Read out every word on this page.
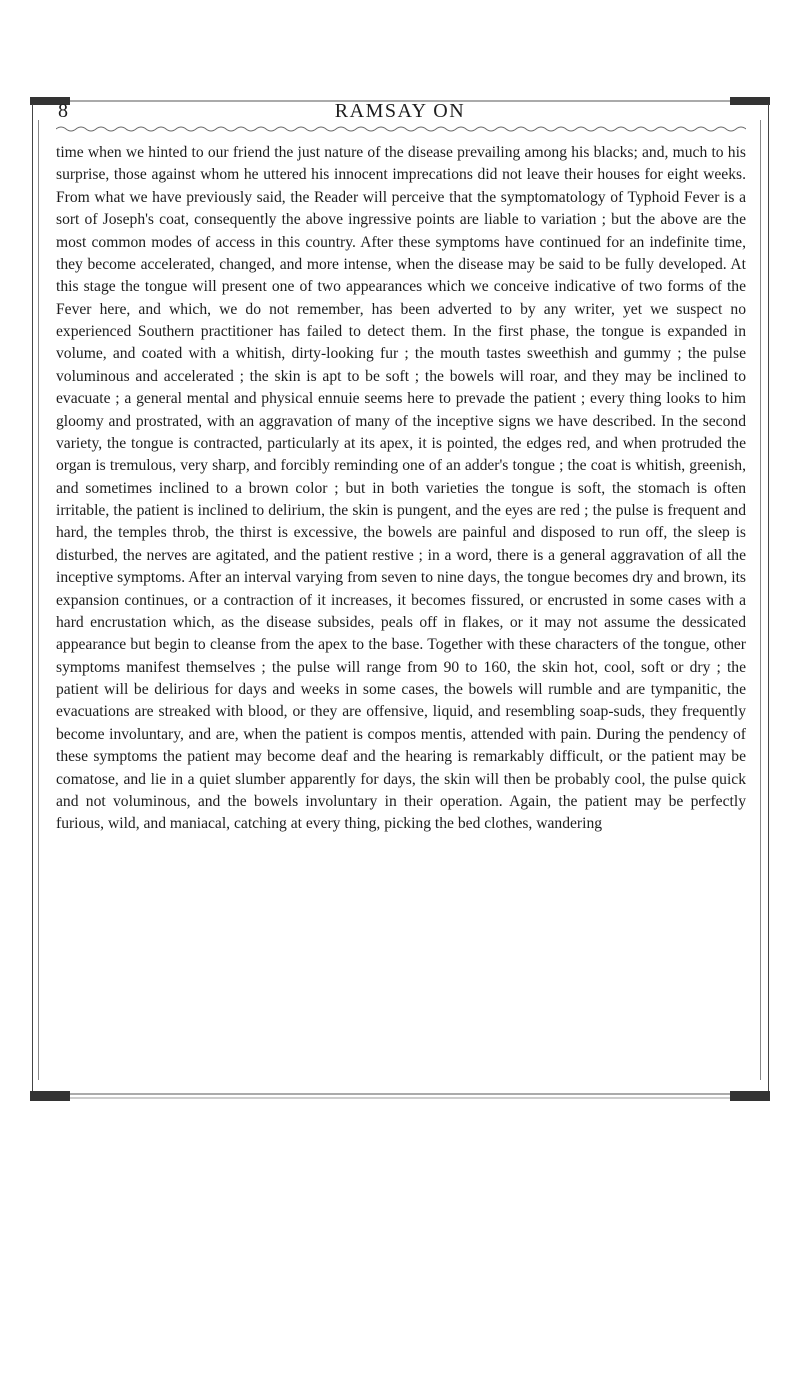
8	RAMSAY ON

time when we hinted to our friend the just nature of the disease prevailing among his blacks; and, much to his surprise, those against whom he uttered his innocent imprecations did not leave their houses for eight weeks. From what we have previously said, the Reader will perceive that the symptomatology of Typhoid Fever is a sort of Joseph's coat, consequently the above ingressive points are liable to variation ; but the above are the most common modes of access in this country. After these symptoms have continued for an indefinite time, they become accelerated, changed, and more intense, when the disease may be said to be fully developed. At this stage the tongue will present one of two appearances which we conceive indicative of two forms of the Fever here, and which, we do not remember, has been adverted to by any writer, yet we suspect no experienced Southern practitioner has failed to detect them. In the first phase, the tongue is expanded in volume, and coated with a whitish, dirty-looking fur ; the mouth tastes sweethish and gummy ; the pulse voluminous and accelerated ; the skin is apt to be soft ; the bowels will roar, and they may be inclined to evacuate ; a general mental and physical ennuie seems here to prevade the patient ; every thing looks to him gloomy and prostrated, with an aggravation of many of the inceptive signs we have described. In the second variety, the tongue is contracted, particularly at its apex, it is pointed, the edges red, and when protruded the organ is tremulous, very sharp, and forcibly reminding one of an adder's tongue ; the coat is whitish, greenish, and sometimes inclined to a brown color ; but in both varieties the tongue is soft, the stomach is often irritable, the patient is inclined to delirium, the skin is pungent, and the eyes are red ; the pulse is frequent and hard, the temples throb, the thirst is excessive, the bowels are painful and disposed to run off, the sleep is disturbed, the nerves are agitated, and the patient restive ; in a word, there is a general aggravation of all the inceptive symptoms. After an interval varying from seven to nine days, the tongue becomes dry and brown, its expansion continues, or a contraction of it increases, it becomes fissured, or encrusted in some cases with a hard encrustation which, as the disease subsides, peals off in flakes, or it may not assume the dessicated appearance but begin to cleanse from the apex to the base. Together with these characters of the tongue, other symptoms manifest themselves ; the pulse will range from 90 to 160, the skin hot, cool, soft or dry ; the patient will be delirious for days and weeks in some cases, the bowels will rumble and are tympanitic, the evacuations are streaked with blood, or they are offensive, liquid, and resembling soap-suds, they frequently become involuntary, and are, when the patient is compos mentis, attended with pain. During the pendency of these symptoms the patient may become deaf and the hearing is remarkably difficult, or the patient may be comatose, and lie in a quiet slumber apparently for days, the skin will then be probably cool, the pulse quick and not voluminous, and the bowels involuntary in their operation. Again, the patient may be perfectly furious, wild, and maniacal, catching at every thing, picking the bed clothes, wandering
